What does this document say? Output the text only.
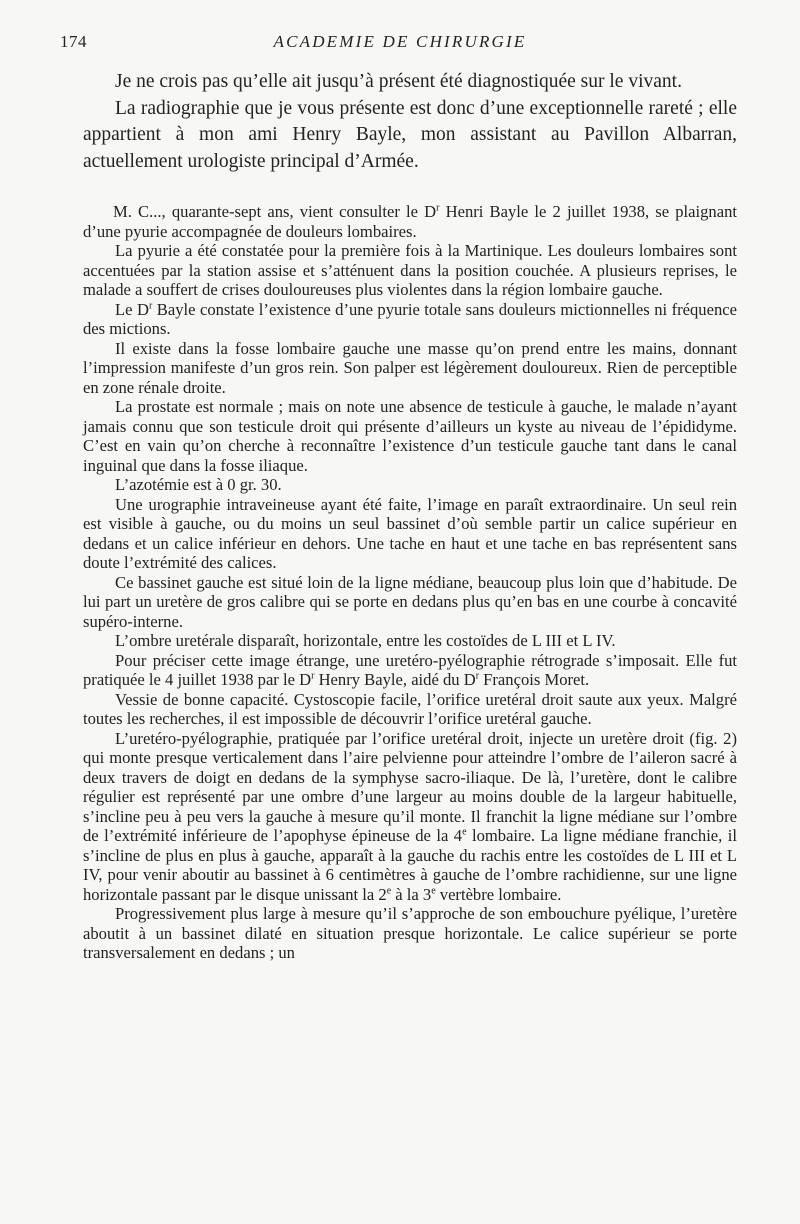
174	ACADEMIE DE CHIRURGIE

Je ne crois pas qu’elle ait jusqu’à présent été diagnostiquée sur le vivant.

La radiographie que je vous présente est donc d’une exceptionnelle rareté ; elle appartient à mon ami Henry Bayle, mon assistant au Pavillon Albarran, actuellement urologiste principal d’Armée.

M. C..., quarante-sept ans, vient consulter le $D^r$ Henri Bayle le 2 juillet 1938, se plaignant d’une pyurie accompagnée de douleurs lombaires.

La pyurie a été constatée pour la première fois à la Martinique. Les douleurs lombaires sont accentuées par la station assise et s’atténuent dans la position couchée. A plusieurs reprises, le malade a souffert de crises douloureuses plus violentes dans la région lombaire gauche.

Le $D^r$ Bayle constate l’existence d’une pyurie totale sans douleurs mictionnelles ni fréquence des mictions.

Il existe dans la fosse lombaire gauche une masse qu’on prend entre les mains, donnant l’impression manifeste d’un gros rein. Son palper est légèrement douloureux. Rien de perceptible en zone rénale droite.

La prostate est normale ; mais on note une absence de testicule à gauche, le malade n’ayant jamais connu que son testicule droit qui présente d’ailleurs un kyste au niveau de l’épididyme. C’est en vain qu’on cherche à reconnaître l’existence d’un testicule gauche tant dans le canal inguinal que dans la fosse iliaque.

L’azotémie est à 0 gr. 30.

Une urographie intraveineuse ayant été faite, l’image en paraît extraordinaire. Un seul rein est visible à gauche, ou du moins un seul bassinet d’où semble partir un calice supérieur en dedans et un calice inférieur en dehors. Une tache en haut et une tache en bas représentent sans doute l’extrémité des calices.

Ce bassinet gauche est situé loin de la ligne médiane, beaucoup plus loin que d’habitude. De lui part un uretère de gros calibre qui se porte en dedans plus qu’en bas en une courbe à concavité supéro-interne.

L’ombre uretérale disparaît, horizontale, entre les costoïdes de L III et L IV.

Pour préciser cette image étrange, une uretéro-pyélographie rétrograde s’imposait. Elle fut pratiquée le 4 juillet 1938 par le $D^r$ Henry Bayle, aidé du $D^r$ François Moret.

Vessie de bonne capacité. Cystoscopie facile, l’orifice uretéral droit saute aux yeux. Malgré toutes les recherches, il est impossible de découvrir l’orifice uretéral gauche.

L’uretéro-pyélographie, pratiquée par l’orifice uretéral droit, injecte un uretère droit (fig. 2) qui monte presque verticalement dans l’aire pelvienne pour atteindre l’ombre de l’aileron sacré à deux travers de doigt en dedans de la symphyse sacro-iliaque. De là, l’uretère, dont le calibre régulier est représenté par une ombre d’une largeur au moins double de la largeur habituelle, s’incline peu à peu vers la gauche à mesure qu’il monte. Il franchit la ligne médiane sur l’ombre de l’extrémité inférieure de l’apophyse épineuse de la 4e lombaire. La ligne médiane franchie, il s’incline de plus en plus à gauche, apparaît à la gauche du rachis entre les costoïdes de L III et L IV, pour venir aboutir au bassinet à 6 centimètres à gauche de l’ombre rachidienne, sur une ligne horizontale passant par le disque unissant la 2e à la 3e vertèbre lombaire.

Progressivement plus large à mesure qu’il s’approche de son embouchure pyélique, l’uretère aboutit à un bassinet dilaté en situation presque horizontale. Le calice supérieur se porte transversalement en dedans ; un
